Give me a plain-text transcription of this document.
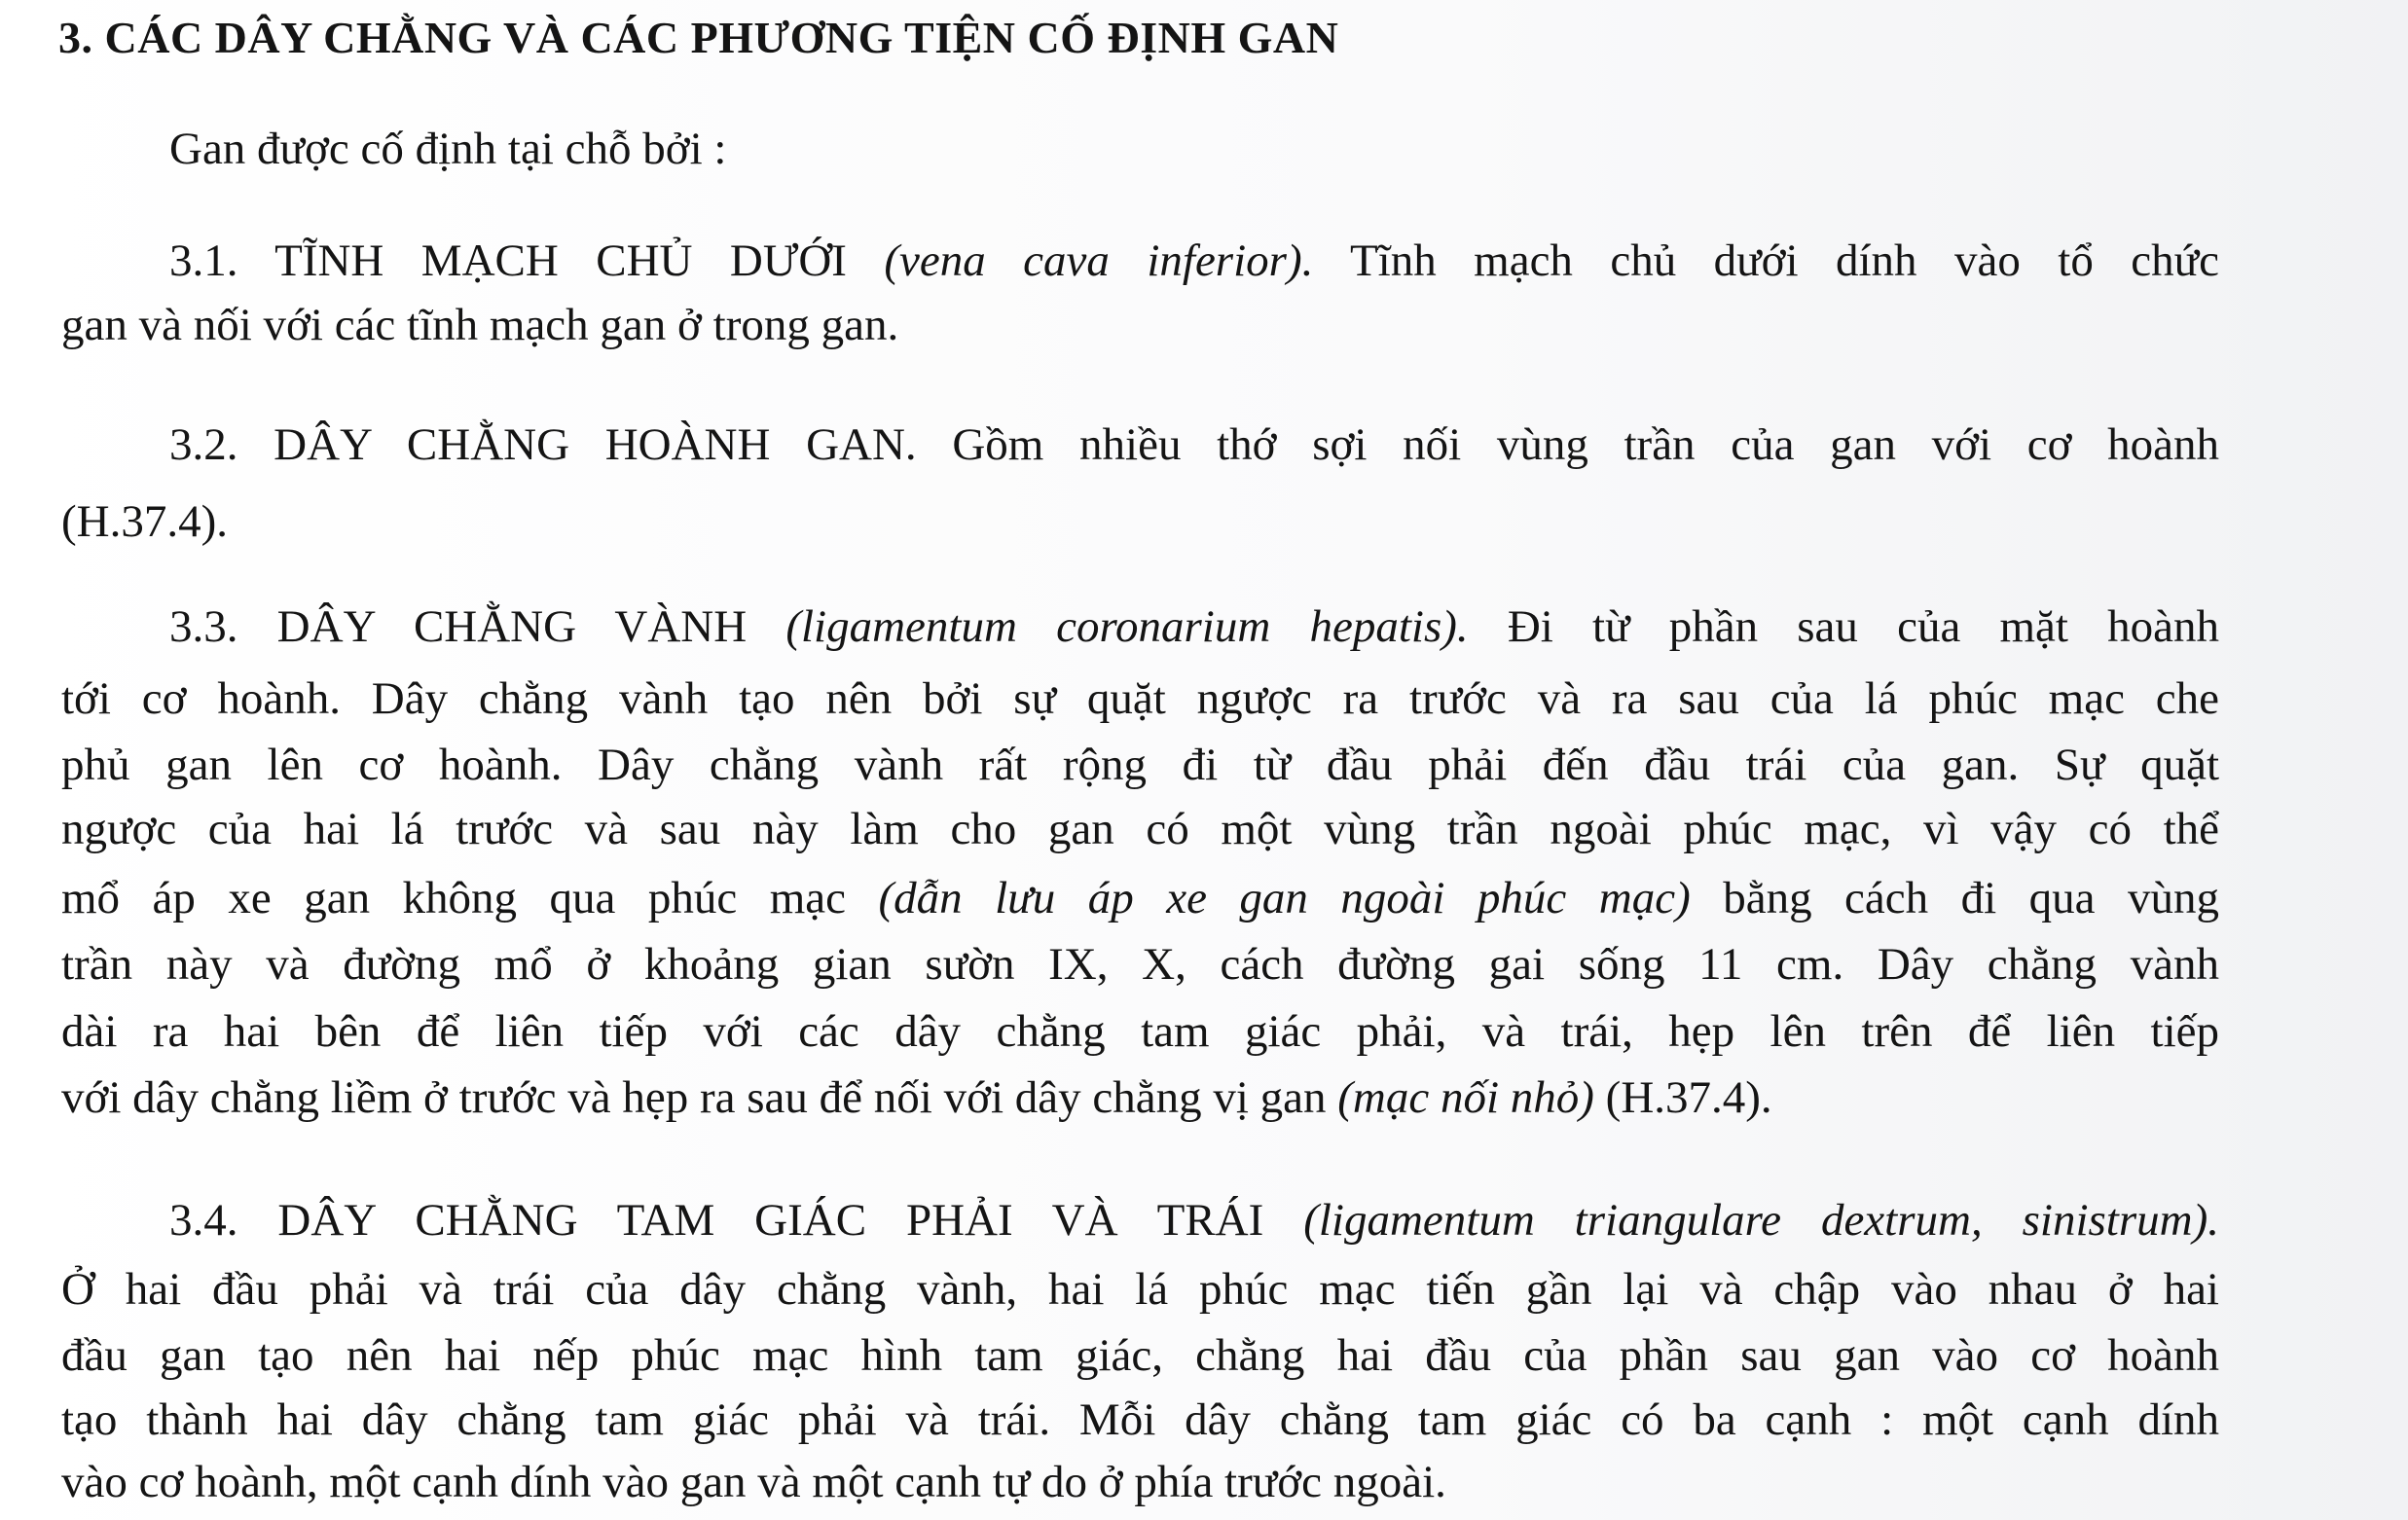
3. CÁC DÂY CHẰNG VÀ CÁC PHƯƠNG TIỆN CỐ ĐỊNH GAN
Gan được cố định tại chỗ bởi :
3.1. TĨNH MẠCH CHỦ DƯỚI (vena cava inferior). Tĩnh mạch chủ dưới dính vào tổ chức
gan và nối với các tĩnh mạch gan ở trong gan.
3.2. DÂY CHẰNG HOÀNH GAN. Gồm nhiều thớ sợi nối vùng trần của gan với cơ hoành
(H.37.4).
3.3. DÂY CHẰNG VÀNH (ligamentum coronarium hepatis). Đi từ phần sau của mặt hoành
tới cơ hoành. Dây chằng vành tạo nên bởi sự quặt ngược ra trước và ra sau của lá phúc mạc che
phủ gan lên cơ hoành. Dây chằng vành rất rộng đi từ đầu phải đến đầu trái của gan. Sự quặt
ngược của hai lá trước và sau này làm cho gan có một vùng trần ngoài phúc mạc, vì vậy có thể
mổ áp xe gan không qua phúc mạc (dẫn lưu áp xe gan ngoài phúc mạc) bằng cách đi qua vùng
trần này và đường mổ ở khoảng gian sườn IX, X, cách đường gai sống 11 cm. Dây chằng vành
dài ra hai bên để liên tiếp với các dây chằng tam giác phải, và trái, hẹp lên trên để liên tiếp
với dây chằng liềm ở trước và hẹp ra sau để nối với dây chằng vị gan (mạc nối nhỏ) (H.37.4).
3.4. DÂY CHẰNG TAM GIÁC PHẢI VÀ TRÁI (ligamentum triangulare dextrum, sinistrum).
Ở hai đầu phải và trái của dây chằng vành, hai lá phúc mạc tiến gần lại và chập vào nhau ở hai
đầu gan tạo nên hai nếp phúc mạc hình tam giác, chằng hai đầu của phần sau gan vào cơ hoành
tạo thành hai dây chằng tam giác phải và trái. Mỗi dây chằng tam giác có ba cạnh : một cạnh dính
vào cơ hoành, một cạnh dính vào gan và một cạnh tự do ở phía trước ngoài.
